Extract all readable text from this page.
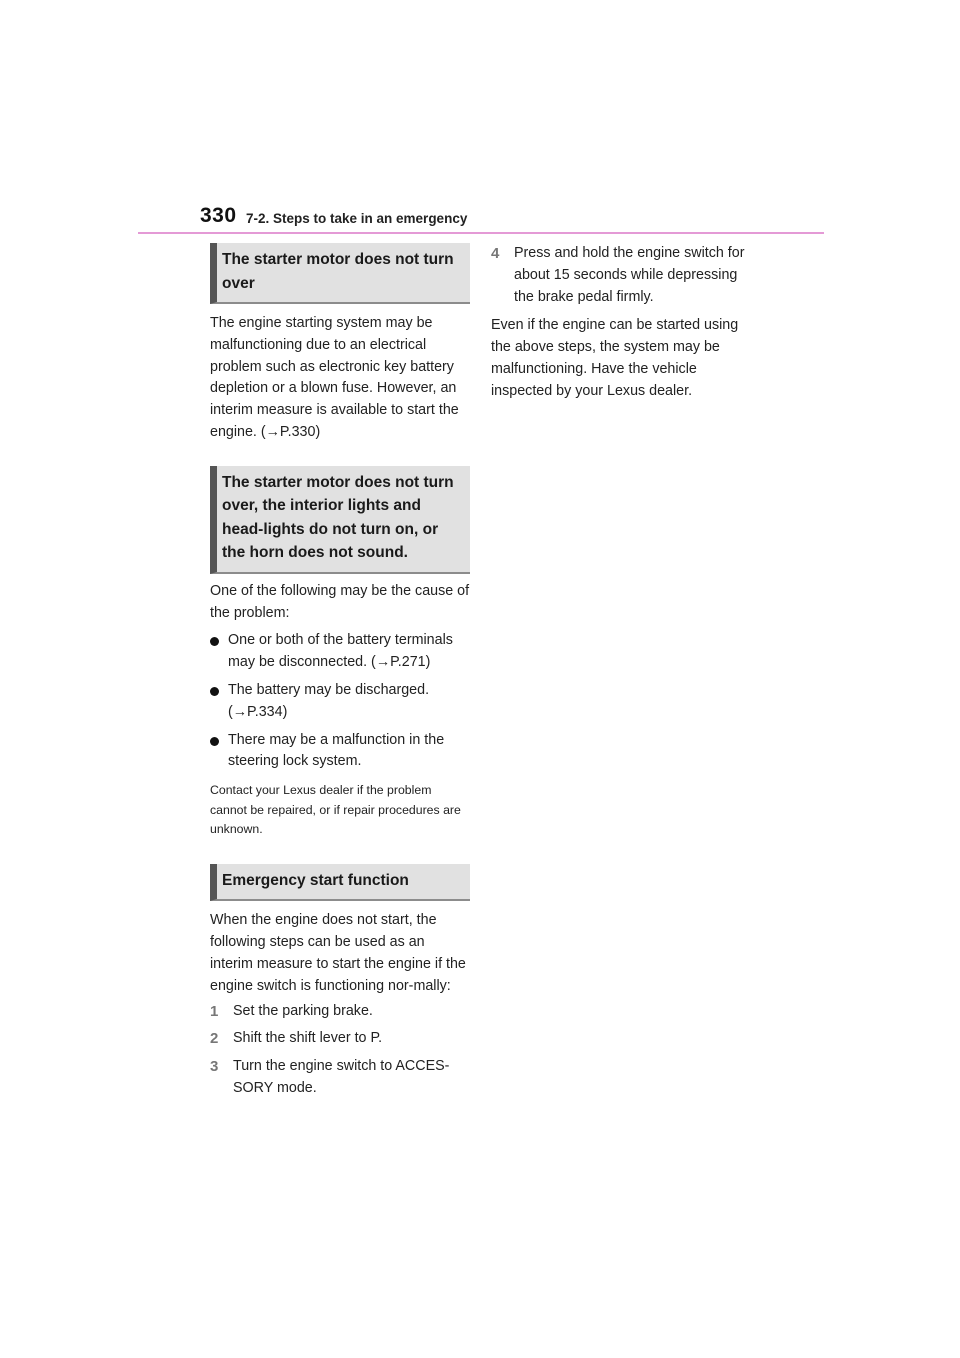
330 7-2. Steps to take in an emergency
The starter motor does not turn over

The engine starting system may be malfunctioning due to an electrical problem such as electronic key battery depletion or a blown fuse. However, an interim measure is available to start the engine. (→P.330)

The starter motor does not turn over, the interior lights and head-lights do not turn on, or the horn does not sound.

One of the following may be the cause of the problem:

One or both of the battery terminals may be disconnected. (→P.271)
The battery may be discharged. (→P.334)
There may be a malfunction in the steering lock system.

Contact your Lexus dealer if the problem cannot be repaired, or if repair procedures are unknown.

Emergency start function

When the engine does not start, the following steps can be used as an interim measure to start the engine if the engine switch is functioning nor-mally:

1 Set the parking brake.
2 Shift the shift lever to P.
3 Turn the engine switch to ACCES-SORY mode.
4 Press and hold the engine switch for about 15 seconds while depressing the brake pedal firmly.

Even if the engine can be started using the above steps, the system may be malfunctioning. Have the vehicle inspected by your Lexus dealer.
